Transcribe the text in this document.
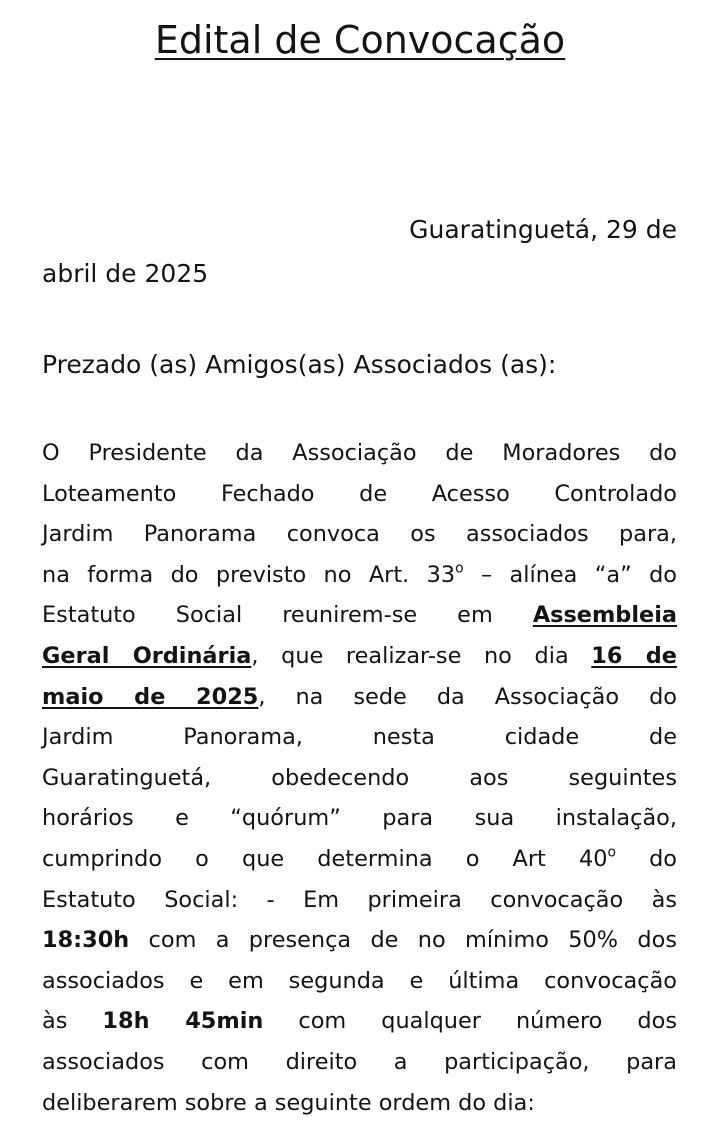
Edital de Convocação

Guaratinguetá, 29 de
abril de 2025

Prezado (as) Amigos(as) Associados (as):

O Presidente da Associação de Moradores do
Loteamento Fechado de Acesso Controlado
Jardim Panorama convoca os associados para,
na forma do previsto no Art. 33$^o$ – alínea “a” do
Estatuto Social reunirem-se em Assembleia
Geral Ordinária, que realizar-se no dia 16 de
maio de 2025, na sede da Associação do
Jardim Panorama, nesta cidade de
Guaratinguetá, obedecendo aos seguintes
horários e “quórum” para sua instalação,
cumprindo o que determina o Art 40$^o$ do
Estatuto Social: - Em primeira convocação às
18:30h com a presença de no mínimo 50% dos
associados e em segunda e última convocação
às 18h 45min com qualquer número dos
associados com direito a participação, para
deliberarem sobre a seguinte ordem do dia:
